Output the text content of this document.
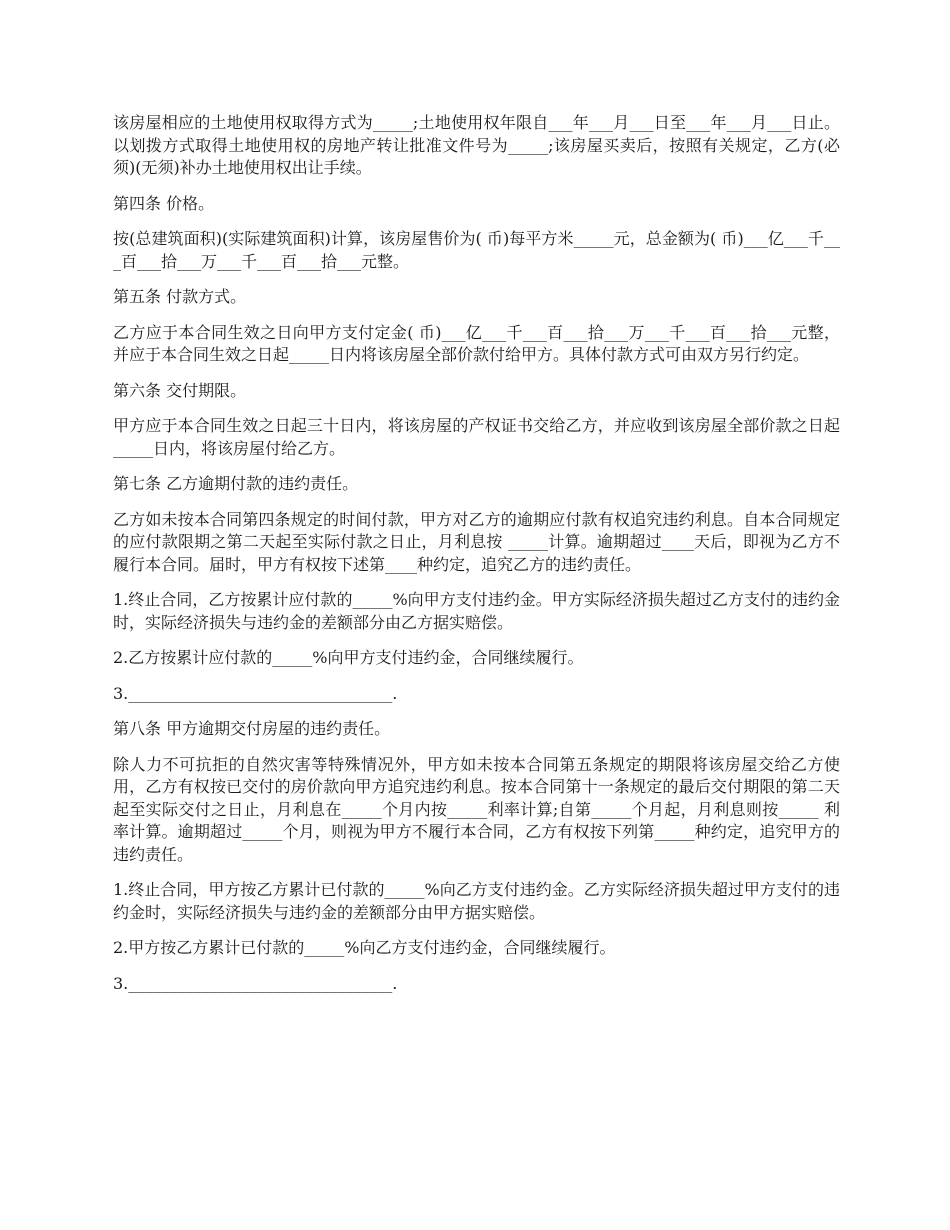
该房屋相应的土地使用权取得方式为_____;土地使用权年限自___年___月___日至___年___月___日止。以划拨方式取得土地使用权的房地产转让批准文件号为_____;该房屋买卖后，按照有关规定，乙方(必须)(无须)补办土地使用权出让手续。

第四条 价格。

按(总建筑面积)(实际建筑面积)计算，该房屋售价为( 币)每平方米_____元，总金额为( 币)___亿___千___百___拾___万___千___百___拾___元整。

第五条 付款方式。

乙方应于本合同生效之日向甲方支付定金( 币)___亿___千___百___拾___万___千___百___拾___元整，并应于本合同生效之日起_____日内将该房屋全部价款付给甲方。具体付款方式可由双方另行约定。

第六条 交付期限。

甲方应于本合同生效之日起三十日内，将该房屋的产权证书交给乙方，并应收到该房屋全部价款之日起_____日内，将该房屋付给乙方。

第七条 乙方逾期付款的违约责任。

乙方如未按本合同第四条规定的时间付款，甲方对乙方的逾期应付款有权追究违约利息。自本合同规定的应付款限期之第二天起至实际付款之日止，月利息按 _____计算。逾期超过____天后，即视为乙方不履行本合同。届时，甲方有权按下述第____种约定，追究乙方的违约责任。

1.终止合同，乙方按累计应付款的_____%向甲方支付违约金。甲方实际经济损失超过乙方支付的违约金时，实际经济损失与违约金的差额部分由乙方据实赔偿。

2.乙方按累计应付款的_____%向甲方支付违约金，合同继续履行。

3._________________________________.

第八条 甲方逾期交付房屋的违约责任。

除人力不可抗拒的自然灾害等特殊情况外，甲方如未按本合同第五条规定的期限将该房屋交给乙方使用，乙方有权按已交付的房价款向甲方追究违约利息。按本合同第十一条规定的最后交付期限的第二天起至实际交付之日止，月利息在_____个月内按_____利率计算;自第_____个月起，月利息则按_____ 利率计算。逾期超过_____个月，则视为甲方不履行本合同，乙方有权按下列第_____种约定，追究甲方的违约责任。

1.终止合同，甲方按乙方累计已付款的_____%向乙方支付违约金。乙方实际经济损失超过甲方支付的违约金时，实际经济损失与违约金的差额部分由甲方据实赔偿。

2.甲方按乙方累计已付款的_____%向乙方支付违约金，合同继续履行。

3._________________________________.
